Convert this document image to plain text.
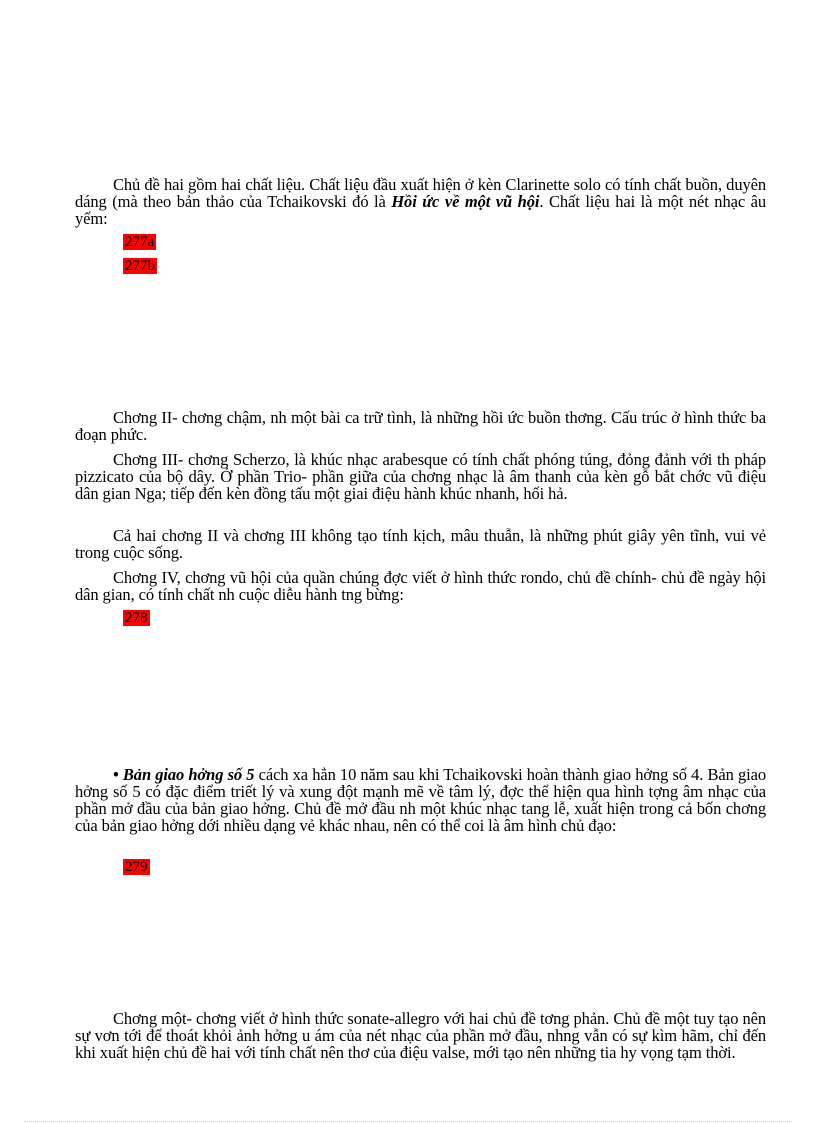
Chủ đề hai gồm hai chất liệu. Chất liệu đầu xuất hiện ở kèn Clarinette solo có tính chất buồn, duyên dáng (mà theo bản thảo của Tchaikovski đó là Hồi ức về một vũ hội. Chất liệu hai là một nét nhạc âu yếm:

277a
277b

Chơng II- chơng chậm, nh một bài ca trữ tình, là những hồi ức buồn thơng. Cấu trúc ở hình thức ba đoạn phức.

Chơng III- chơng Scherzo, là khúc nhạc arabesque có tính chất phóng túng, đỏng đảnh với th pháp pizzicato của bộ dây. Ở phần Trio- phần giữa của chơng nhạc là âm thanh của kèn gỗ bắt chớc vũ điệu dân gian Nga; tiếp đến kèn đồng tấu một giai điệu hành khúc nhanh, hối hả.

Cả hai chơng II và chơng III không tạo tính kịch, mâu thuẫn, là những phút giây yên tĩnh, vui vẻ trong cuộc sống.

Chơng IV, chơng vũ hội của quần chúng đợc viết ở hình thức rondo, chủ đề chính- chủ đề ngày hội dân gian, có tính chất nh cuộc diễu hành tng bừng:

278

• Bản giao hởng số 5 cách xa hẳn 10 năm sau khi Tchaikovski hoàn thành giao hởng số 4. Bản giao hởng số 5 có đặc điểm triết lý và xung đột mạnh mẽ về tâm lý, đợc thể hiện qua hình tợng âm nhạc của phần mở đầu của bản giao hởng. Chủ đề mở đầu nh một khúc nhạc tang lễ, xuất hiện trong cả bốn chơng của bản giao hởng dới nhiều dạng vẻ khác nhau, nên có thể coi là âm hình chủ đạo:

279

Chơng một- chơng viết ở hình thức sonate-allegro với hai chủ đề tơng phản. Chủ đề một tuy tạo nên sự vơn tới để thoát khỏi ảnh hởng u ám của nét nhạc của phần mở đầu, nhng vẫn có sự kìm hãm, chỉ đến khi xuất hiện chủ đề hai với tính chất nên thơ của điệu valse, mới tạo nên những tia hy vọng tạm thời.
